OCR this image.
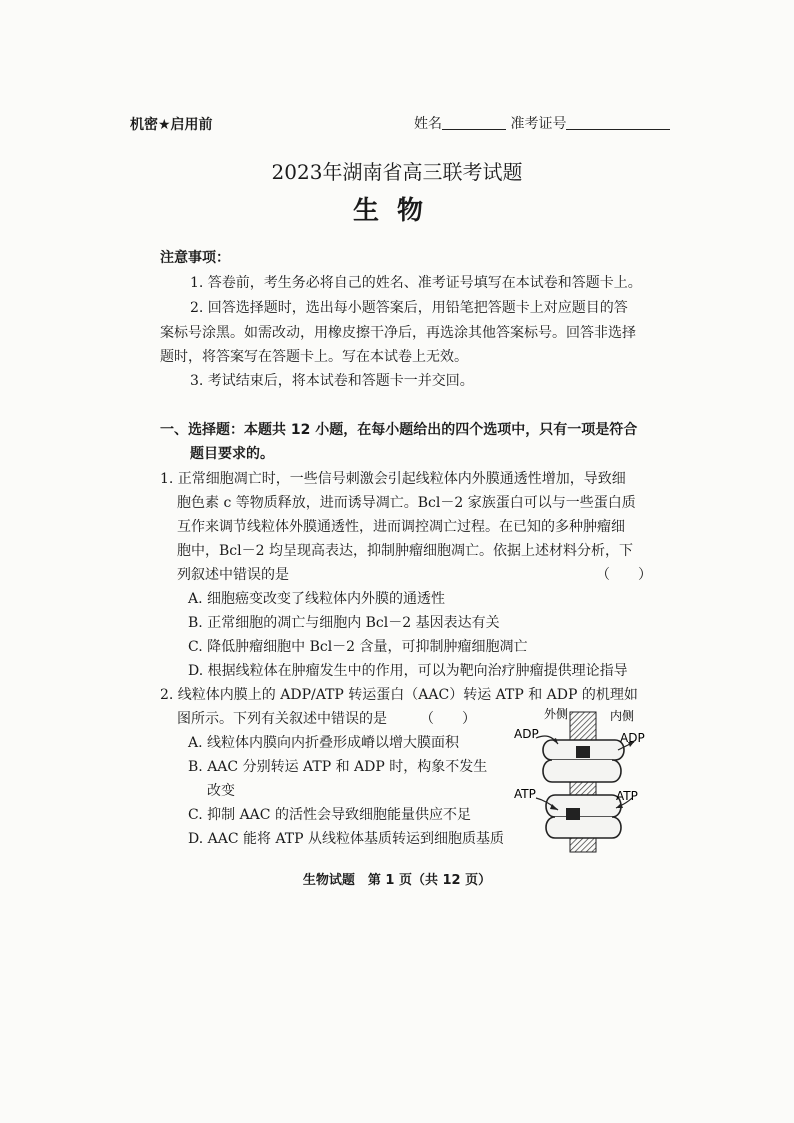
机密★启用前	姓名	准考证号
2023年湖南省高三联考试题
生物
注意事项：
1. 答卷前，考生务必将自己的姓名、准考证号填写在本试卷和答题卡上。
2. 回答选择题时，选出每小题答案后，用铅笔把答题卡上对应题目的答
案标号涂黑。如需改动，用橡皮擦干净后，再选涂其他答案标号。回答非选择
题时，将答案写在答题卡上。写在本试卷上无效。
3. 考试结束后，将本试卷和答题卡一并交回。
一、选择题：本题共 12 小题，在每小题给出的四个选项中，只有一项是符合
题目要求的。
1. 正常细胞凋亡时，一些信号刺激会引起线粒体内外膜通透性增加，导致细
胞色素 c 等物质释放，进而诱导凋亡。Bcl－2 家族蛋白可以与一些蛋白质
互作来调节线粒体外膜通透性，进而调控凋亡过程。在已知的多种肿瘤细
胞中，Bcl－2 均呈现高表达，抑制肿瘤细胞凋亡。依据上述材料分析，下
列叙述中错误的是	（　　）
A. 细胞癌变改变了线粒体内外膜的通透性
B. 正常细胞的凋亡与细胞内 Bcl－2 基因表达有关
C. 降低肿瘤细胞中 Bcl－2 含量，可抑制肿瘤细胞凋亡
D. 根据线粒体在肿瘤发生中的作用，可以为靶向治疗肿瘤提供理论指导
2. 线粒体内膜上的 ADP/ATP 转运蛋白（AAC）转运 ATP 和 ADP 的机理如
图所示。下列有关叙述中错误的是 （　　）
A. 线粒体内膜向内折叠形成嵴以增大膜面积
B. AAC 分别转运 ATP 和 ADP 时，构象不发生
改变
C. 抑制 AAC 的活性会导致细胞能量供应不足
D. AAC 能将 ATP 从线粒体基质转运到细胞质基质
外侧	内侧
ADP	ADP
ATP	ATP
生物试题　第 1 页（共 12 页）
